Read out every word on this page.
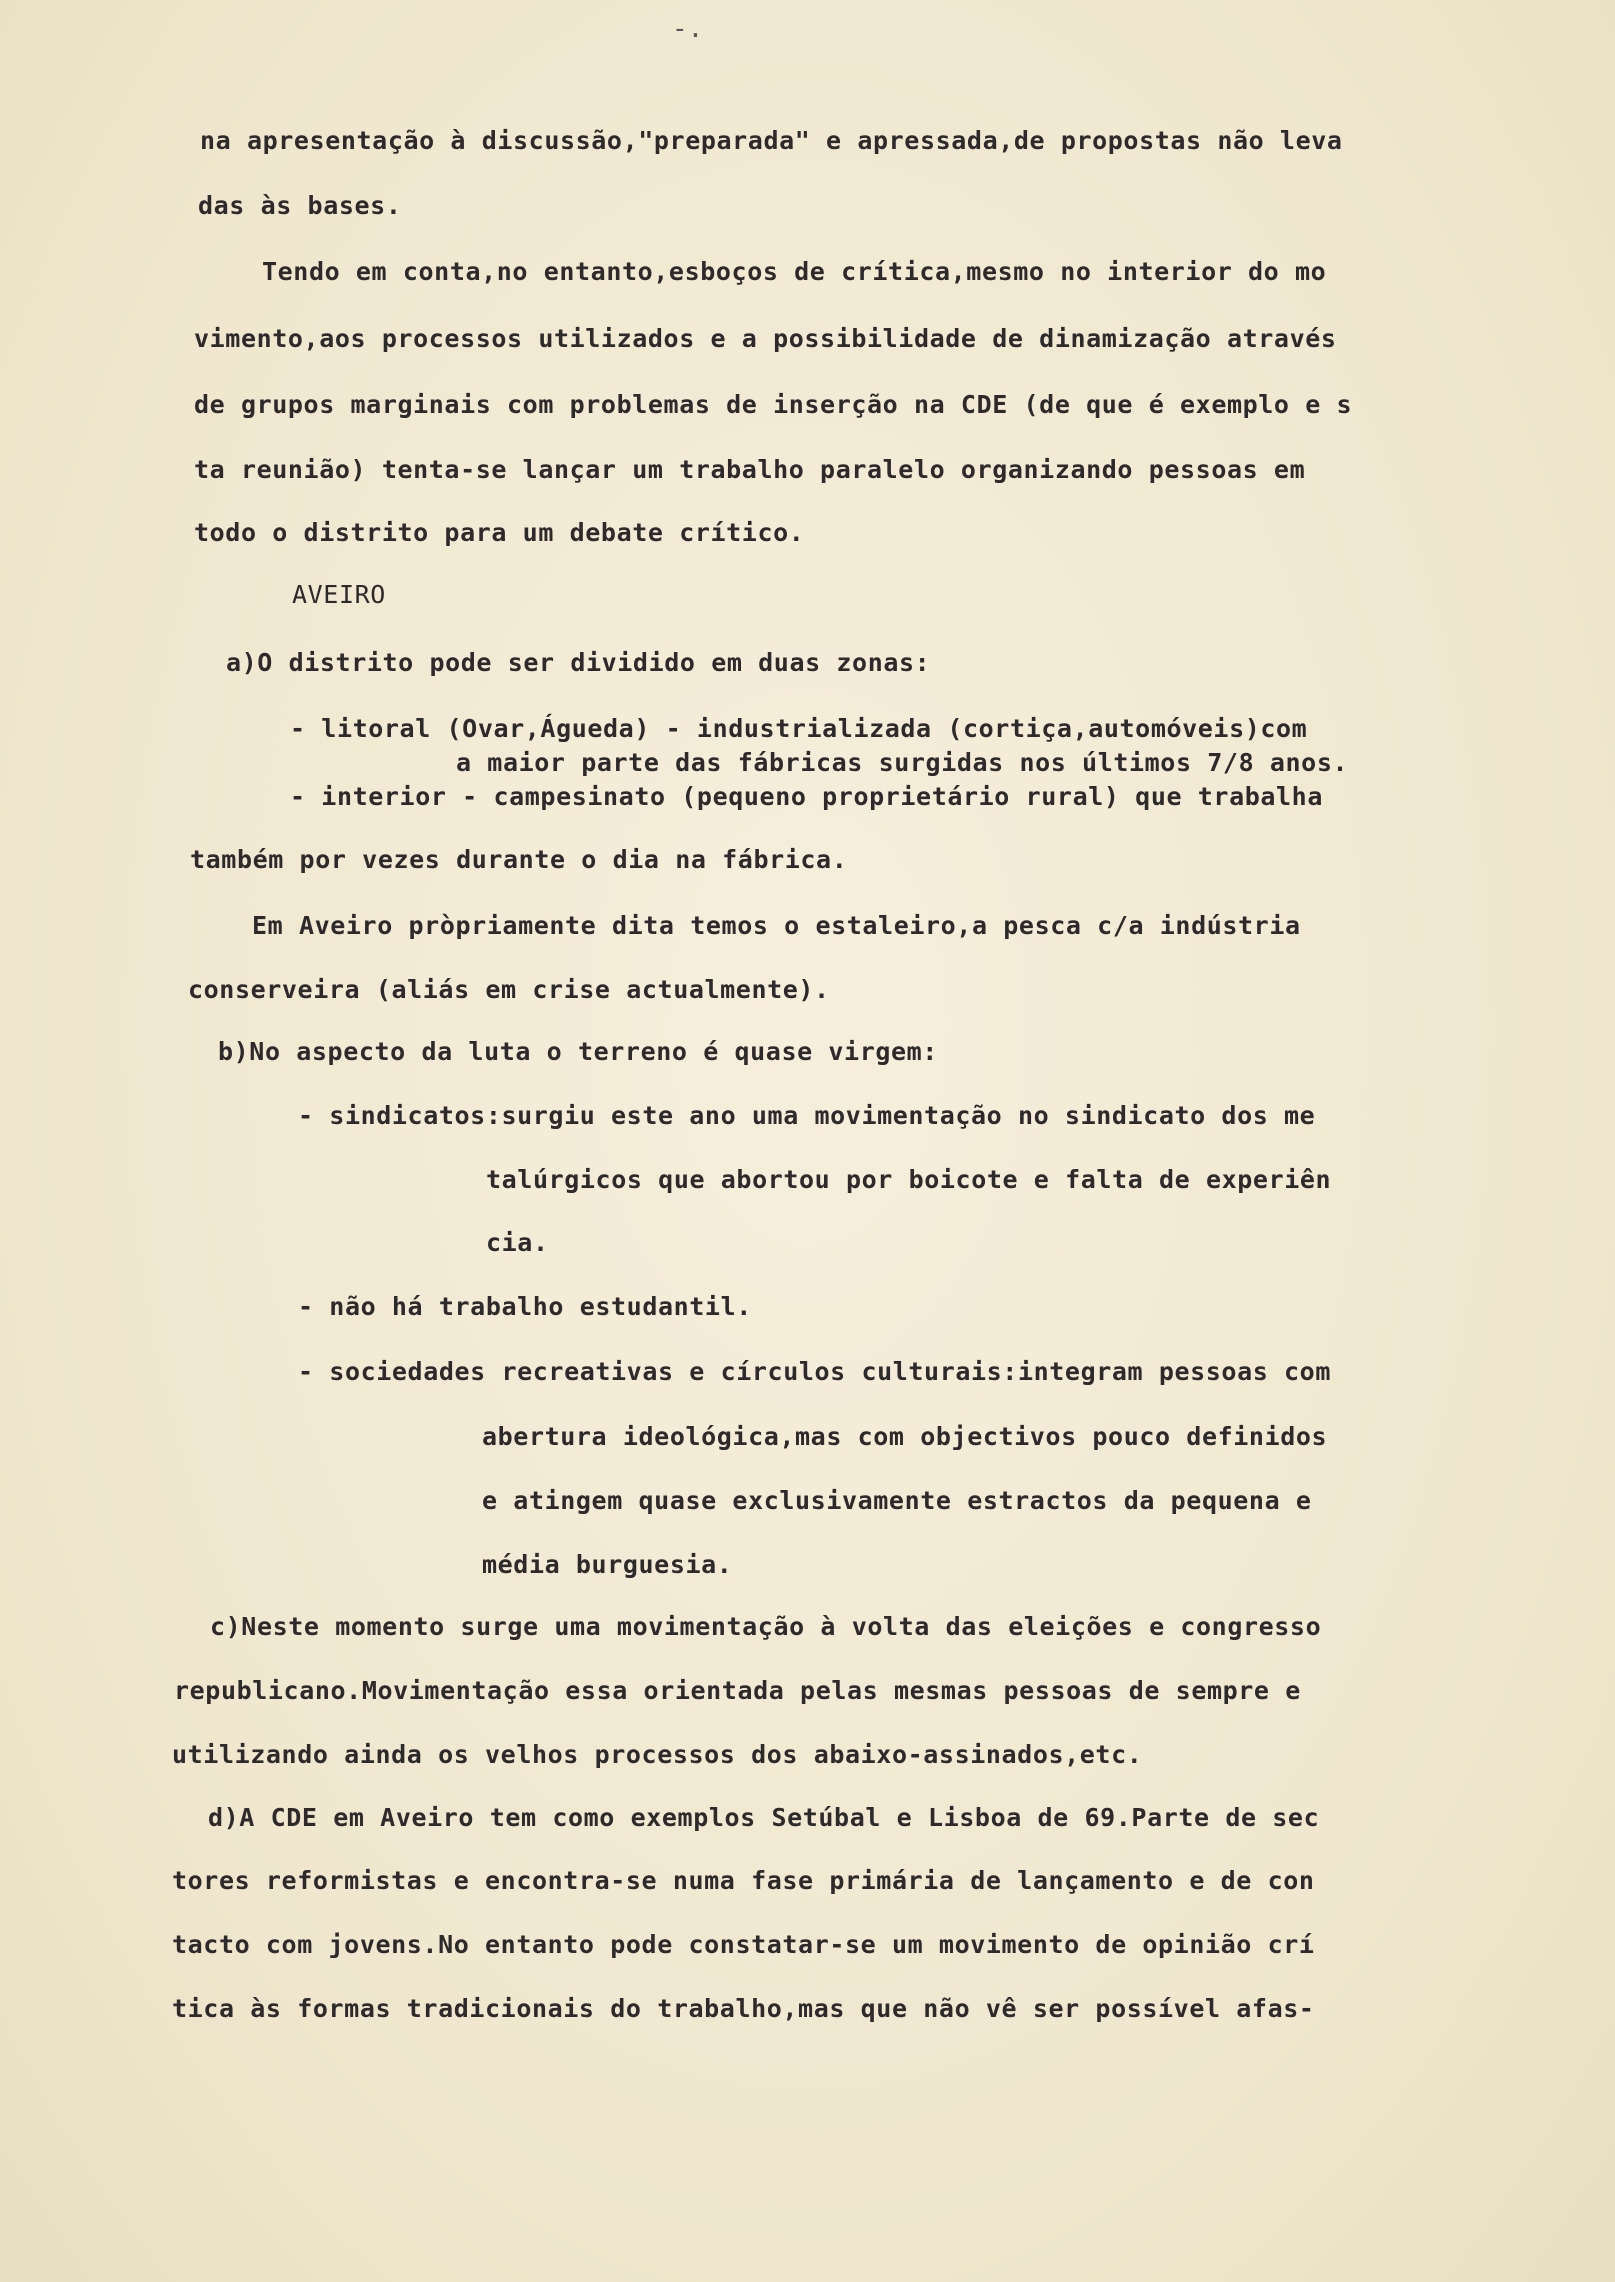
-.
na apresentação à discussão,"preparada" e apressada,de propostas não leva
das às bases.
Tendo em conta,no entanto,esboços de crítica,mesmo no interior do mo
vimento,aos processos utilizados e a possibilidade de dinamização através
de grupos marginais com problemas de inserção na CDE (de que é exemplo e s
ta reunião) tenta-se lançar um trabalho paralelo organizando pessoas em
todo o distrito para um debate crítico.
AVEIRO
a)O distrito pode ser dividido em duas zonas:
- litoral (Ovar,Águeda) - industrializada (cortiça,automóveis)com
a maior parte das fábricas surgidas nos últimos 7/8 anos.
- interior - campesinato (pequeno proprietário rural) que trabalha
também por vezes durante o dia na fábrica.
Em Aveiro pròpriamente dita temos o estaleiro,a pesca c/a indústria
conserveira (aliás em crise actualmente).
b)No aspecto da luta o terreno é quase virgem:
- sindicatos:surgiu este ano uma movimentação no sindicato dos me
talúrgicos que abortou por boicote e falta de experiên
cia.
- não há trabalho estudantil.
- sociedades recreativas e círculos culturais:integram pessoas com
abertura ideológica,mas com objectivos pouco definidos
e atingem quase exclusivamente estractos da pequena e
média burguesia.
c)Neste momento surge uma movimentação à volta das eleições e congresso
republicano.Movimentação essa orientada pelas mesmas pessoas de sempre e
utilizando ainda os velhos processos dos abaixo-assinados,etc.
d)A CDE em Aveiro tem como exemplos Setúbal e Lisboa de 69.Parte de sec
tores reformistas e encontra-se numa fase primária de lançamento e de con
tacto com jovens.No entanto pode constatar-se um movimento de opinião crí
tica às formas tradicionais do trabalho,mas que não vê ser possível afas-
